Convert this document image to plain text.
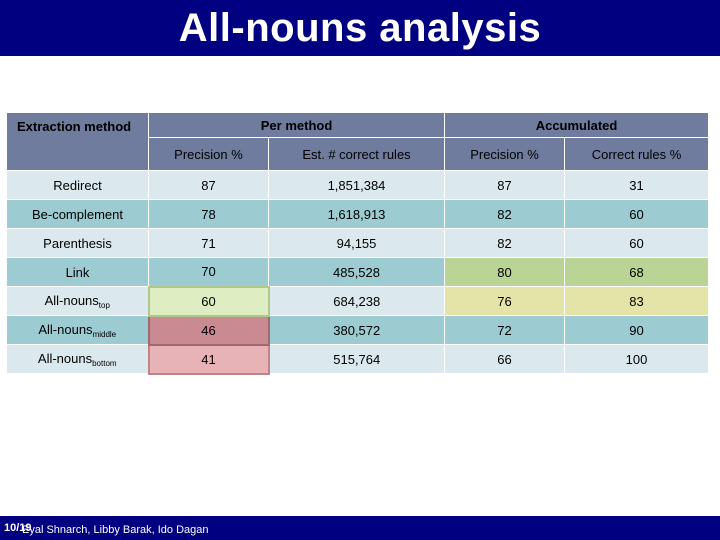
All-nouns analysis
Extraction method	Per method		Accumulated	
	Precision %	Est. # correct rules	Precision %	Correct rules %
Redirect	87	1,851,384	87	31
Be-complement	78	1,618,913	82	60
Parenthesis	71	94,155	82	60
Link	70	485,528	80	68
All-nouns$_{top}$	60	684,238	76	83
All-nouns$_{middle}$	46	380,572	72	90
All-nouns$_{bottom}$	41	515,764	66	100
Eyal Shnarch, Libby Barak, Ido Dagan
10/19
